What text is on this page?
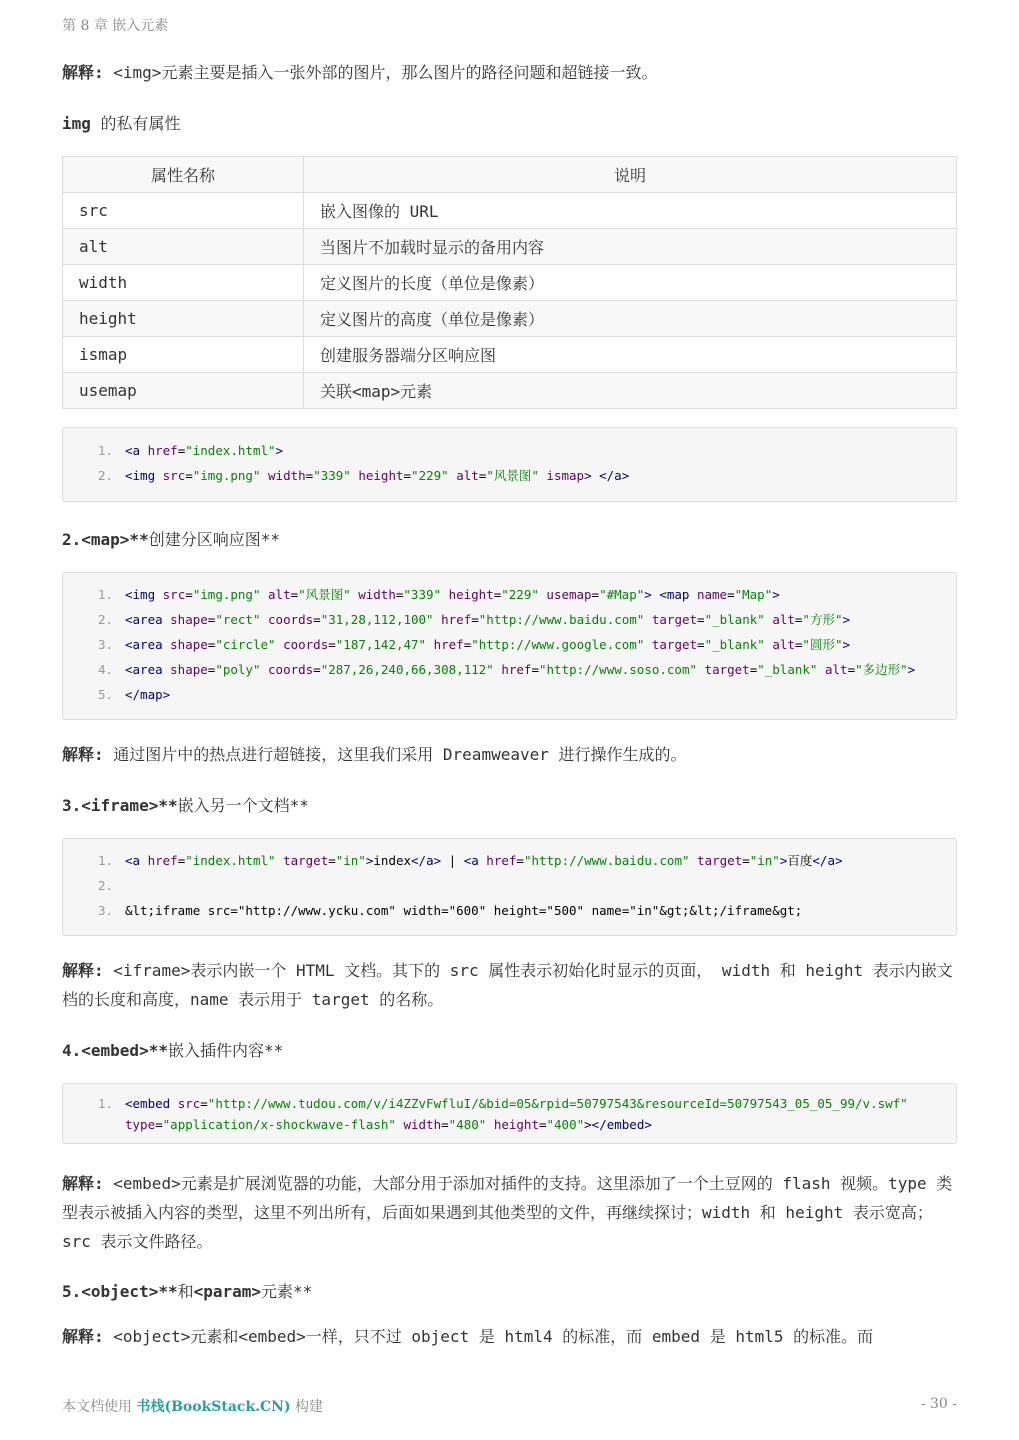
第 8 章 嵌入元素
解释: <img>元素主要是插入一张外部的图片，那么图片的路径问题和超链接一致。
img 的私有属性
属性名称	说明
src	嵌入图像的 URL
alt	当图片不加载时显示的备用内容
width	定义图片的长度（单位是像素）
height	定义图片的高度（单位是像素）
ismap	创建服务器端分区响应图
usemap	关联<map>元素
1. <a href="index.html">
2. <img src="img.png" width="339" height="229" alt="风景图" ismap> </a>
2.<map>**创建分区响应图**
1. <img src="img.png" alt="风景图" width="339" height="229" usemap="#Map"> <map name="Map">
2. <area shape="rect" coords="31,28,112,100" href="http://www.baidu.com" target="_blank" alt="方形">
3. <area shape="circle" coords="187,142,47" href="http://www.google.com" target="_blank" alt="圆形">
4. <area shape="poly" coords="287,26,240,66,308,112" href="http://www.soso.com" target="_blank" alt="多边形">
5. </map>
解释: 通过图片中的热点进行超链接，这里我们采用 Dreamweaver 进行操作生成的。
3.<iframe>**嵌入另一个文档**
1. <a href="index.html" target="in">index</a> | <a href="http://www.baidu.com" target="in">百度</a>
2.
3. &lt;iframe src="http://www.ycku.com" width="600" height="500" name="in"&gt;&lt;/iframe&gt;
解释: <iframe>表示内嵌一个 HTML 文档。其下的 src 属性表示初始化时显示的页面， width 和 height 表示内嵌文档的长度和高度，name 表示用于 target 的名称。
4.<embed>**嵌入插件内容**
1. <embed src="http://www.tudou.com/v/i4ZZvFwfluI/&bid=05&rpid=50797543&resourceId=50797543_05_05_99/v.swf"
type="application/x-shockwave-flash" width="480" height="400"></embed>
解释: <embed>元素是扩展浏览器的功能，大部分用于添加对插件的支持。这里添加了一个土豆网的 flash 视频。type 类型表示被插入内容的类型，这里不列出所有，后面如果遇到其他类型的文件，再继续探讨；width 和 height 表示宽高；src 表示文件路径。
5.<object>**和<param>元素**
解释: <object>元素和<embed>一样，只不过 object 是 html4 的标准，而 embed 是 html5 的标准。而
本文档使用 书栈(BookStack.CN) 构建	- 30 -
